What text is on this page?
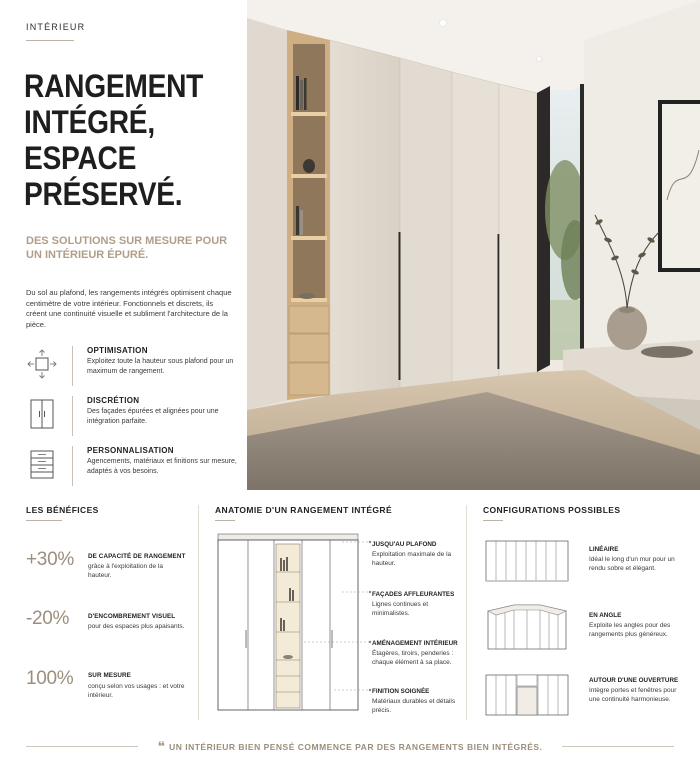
INTÉRIEUR
RANGEMENT INTÉGRÉ, ESPACE PRÉSERVÉ.
DES SOLUTIONS SUR MESURE POUR UN INTÉRIEUR ÉPURÉ.

Du sol au plafond, les rangements intégrés optimisent chaque centimètre de votre intérieur. Fonctionnels et discrets, ils créent une continuité visuelle et subliment l'architecture de la pièce.

OPTIMISATION
Exploitez toute la hauteur sous plafond pour un maximum de rangement.
DISCRÉTION
Des façades épurées et alignées pour une intégration parfaite.
PERSONNALISATION
Agencements, matériaux et finitions sur mesure, adaptés à vos besoins.
LES BÉNÉFICES
+30% DE CAPACITÉ DE RANGEMENT
grâce à l'exploitation de la hauteur.
-20%	D'ENCOMBREMENT VISUEL
pour des espaces plus apaisants.
100% SUR MESURE
conçu selon vos usages : et votre intérieur.
ANATOMIE D'UN RANGEMENT INTÉGRÉ
JUSQU'AU PLAFOND
Exploitation maximale de la hauteur.
FAÇADES AFFLEURANTES
Lignes continues et minimalistes.
AMÉNAGEMENT INTÉRIEUR
Étagères, tiroirs, penderies : chaque élément à sa place.
FINITION SOIGNÉE
Matériaux durables et détails précis.
CONFIGURATIONS POSSIBLES
LINÉAIRE
Idéal le long d'un mur pour un rendu sobre et élégant.
EN ANGLE
Exploite les angles pour des rangements plus généreux.
AUTOUR D'UNE OUVERTURE
Intègre portes et fenêtres pour une continuité harmonieuse.
❝ UN INTÉRIEUR BIEN PENSÉ COMMENCE PAR DES RANGEMENTS BIEN INTÉGRÉS.
